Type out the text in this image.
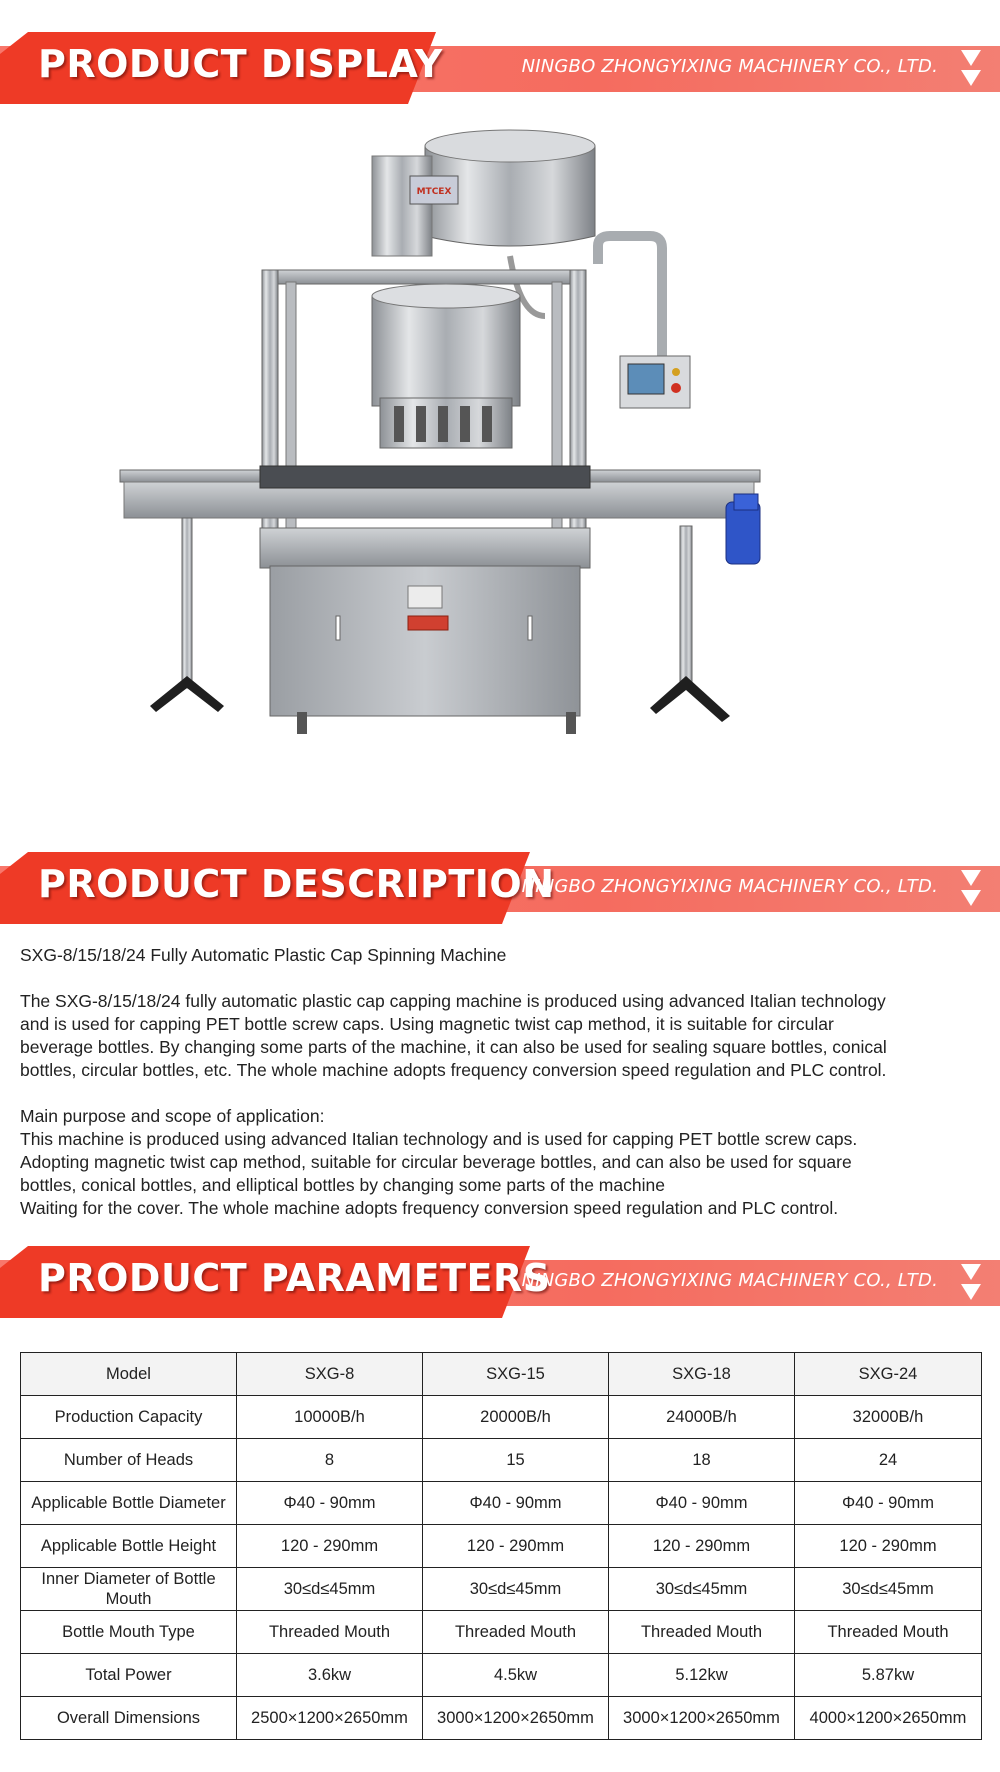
PRODUCT DISPLAY	NINGBO ZHONGYIXING MACHINERY CO., LTD.
MTCEX
PRODUCT DESCRIPTION
NINGBO ZHONGYIXING MACHINERY CO., LTD.

SXG-8/15/18/24 Fully Automatic Plastic Cap Spinning Machine

The SXG-8/15/18/24 fully automatic plastic cap capping machine is produced using advanced Italian technology

and is used for capping PET bottle screw caps. Using magnetic twist cap method, it is suitable for circular

beverage bottles. By changing some parts of the machine, it can also be used for sealing square bottles, conical

bottles, circular bottles, etc. The whole machine adopts frequency conversion speed regulation and PLC control.

Main purpose and scope of application:

This machine is produced using advanced Italian technology and is used for capping PET bottle screw caps.

Adopting magnetic twist cap method, suitable for circular beverage bottles, and can also be used for square

bottles, conical bottles, and elliptical bottles by changing some parts of the machine

Waiting for the cover. The whole machine adopts frequency conversion speed regulation and PLC control.

PRODUCT PARAMETERS
NINGBO ZHONGYIXING MACHINERY CO., LTD.
Model	SXG-8	SXG-15	SXG-18	SXG-24
Production Capacity	10000B/h	20000B/h	24000B/h	32000B/h
Number of Heads	8	15	18	24
Applicable Bottle Diameter	Φ40 - 90mm	Φ40 - 90mm	Φ40 - 90mm	Φ40 - 90mm
Applicable Bottle Height	120 - 290mm	120 - 290mm	120 - 290mm	120 - 290mm
Inner Diameter of Bottle Mouth	30≤d≤45mm	30≤d≤45mm	30≤d≤45mm	30≤d≤45mm
Bottle Mouth Type	Threaded Mouth	Threaded Mouth	Threaded Mouth	Threaded Mouth
Total Power	3.6kw	4.5kw	5.12kw	5.87kw
Overall Dimensions	2500×1200×2650mm	3000×1200×2650mm	3000×1200×2650mm	4000×1200×2650mm
